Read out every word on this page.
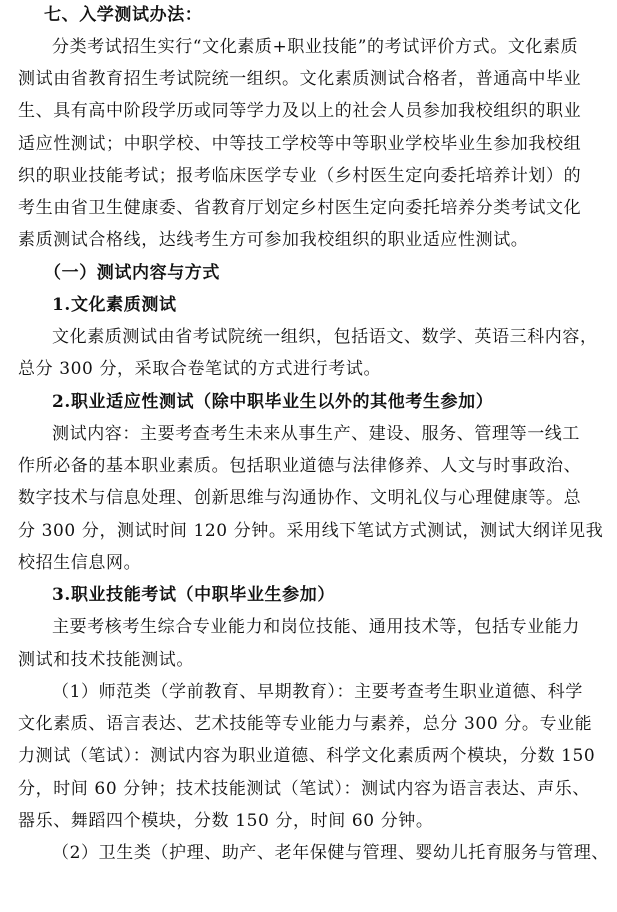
七、入学测试办法：
分类考试招生实行“文化素质+职业技能”的考试评价方式。文化素质
测试由省教育招生考试院统一组织。文化素质测试合格者，普通高中毕业
生、具有高中阶段学历或同等学力及以上的社会人员参加我校组织的职业
适应性测试；中职学校、中等技工学校等中等职业学校毕业生参加我校组
织的职业技能考试；报考临床医学专业（乡村医生定向委托培养计划）的
考生由省卫生健康委、省教育厅划定乡村医生定向委托培养分类考试文化
素质测试合格线，达线考生方可参加我校组织的职业适应性测试。
（一）测试内容与方式
1.文化素质测试
文化素质测试由省考试院统一组织，包括语文、数学、英语三科内容，
总分 300 分，采取合卷笔试的方式进行考试。
2.职业适应性测试（除中职毕业生以外的其他考生参加）
测试内容：主要考查考生未来从事生产、建设、服务、管理等一线工
作所必备的基本职业素质。包括职业道德与法律修养、人文与时事政治、
数字技术与信息处理、创新思维与沟通协作、文明礼仪与心理健康等。总
分 300 分，测试时间 120 分钟。采用线下笔试方式测试，测试大纲详见我
校招生信息网。
3.职业技能考试（中职毕业生参加）
主要考核考生综合专业能力和岗位技能、通用技术等，包括专业能力
测试和技术技能测试。
（1）师范类（学前教育、早期教育）：主要考查考生职业道德、科学
文化素质、语言表达、艺术技能等专业能力与素养，总分 300 分。专业能
力测试（笔试）：测试内容为职业道德、科学文化素质两个模块，分数 150
分，时间 60 分钟；技术技能测试（笔试）：测试内容为语言表达、声乐、
器乐、舞蹈四个模块，分数 150 分，时间 60 分钟。
（2）卫生类（护理、助产、老年保健与管理、婴幼儿托育服务与管理、
